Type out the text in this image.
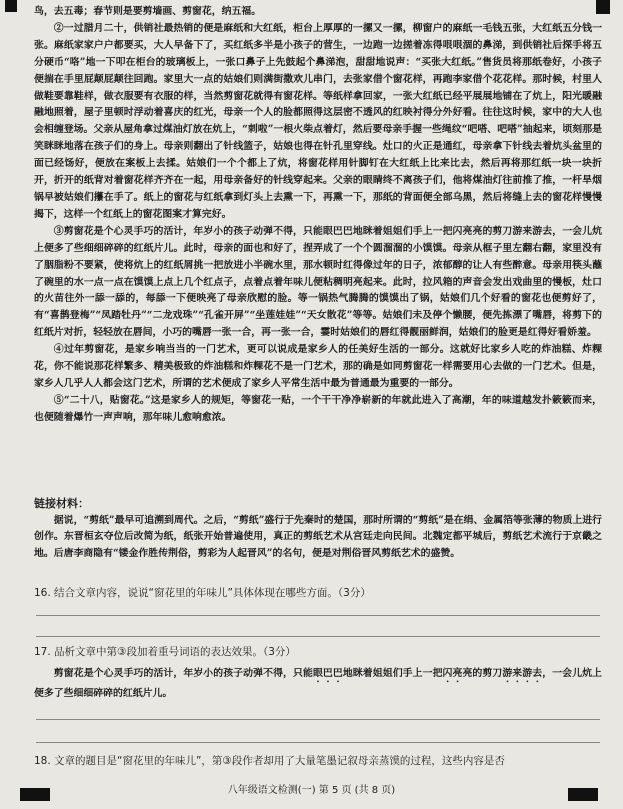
鸟，去五毒；春节则是要剪墙画、剪窗花，纳五福。

②一过腊月二十，供销社最热销的便是麻纸和大红纸，柜台上厚厚的一摞又一摞，柳窗户的麻纸一毛钱五张，大红纸五分钱一张。麻纸家家户户都要买，大人早备下了，买红纸多半是小孩子的营生，一边跑一边搓着冻得哏哏涸的鼻涕，到供销社后探手将五分硬币“咯”地一下叩在柜台的玻璃板上，一张口鼻子上先鼓起个鼻涕泡，甜甜地说声：“买张大红纸。”售货员将那纸卷好，小孩子便揣在手里屁颠屁颠往回跑。家里大一点的姑娘们则满街撒欢儿串门，去张家借个窗花样，再跑李家借个花花样。那时候，村里人做鞋要靠鞋样，做衣服要有衣服的样，当然剪窗花就得有窗花样。等纸样拿回家，一张大红纸已经平展展地铺在了炕上，阳光暖融融地照着，屋子里顿时浮动着喜庆的红光，母亲一个人的脸都照得这层密不透风的红映衬得分外好看。往往这时候，家中的大人也会相缠登场。父亲从屋角拿过煤油灯放在炕上，“刺啦”一根火柴点着灯，然后要母亲手握一些绳纹“吧嗒、吧嗒”抽起来，顷刻那是笑眯眯地落在孩子们的身上。母亲则翻出了针线篮子，姑娘也得在针孔里穿线。灶口的火正是通红，母亲拿下针线去着炕头盆里的面已经饧好，便放在案板上去揉。姑娘们一个个都上了炕，将窗花样用针脚钉在大红纸上比来比去，然后再将那红纸一块一块折开，折开的纸背对着窗花样齐齐在一起，用母亲备好的针线穿起来。父亲的眼睛终不离孩子们，他将煤油灯往前推了推，一杆旱烟锅早被姑娘们攥在手了。纸上的窗花与红纸拿到灯头上去熏一下，再熏一下，那纸的背面便全部乌黑，然后将缝上去的窗花样慢慢揭下，这样一个红纸上的窗花图案才算完好。

③剪窗花是个心灵手巧的活计，年岁小的孩子动弹不得，只能眼巴巴地眯着姐姐们手上一把闪亮亮的剪刀游来游去，一会儿炕上便多了些细细碎碎的红纸片儿。此时，母亲的面也和好了，捏弄成了一个个圆溜溜的小馍馍。母亲从框子里左翻右翻，家里没有了胭脂粉不要紧，使将炕上的红纸屑挑一把放进小半碗水里，那水顿时红得像过年的日子，浓郁醇的让人有些醉意。母亲用筷头蘸了碗里的水一点一点在馍馍上点上几个红点子，点着点着年味儿便粘稠明亮起来。此时，拉风箱的声音会发出戏曲里的慢板，灶口的火苗往外一舔一舔的，每舔一下便映亮了母亲欣慰的脸。等一锅热气腾腾的馍馍出了锅，姑娘们几个好看的窗花也便剪好了，有“喜鹊登梅”“凤踏牡丹”“二龙戏珠”“孔雀开屏”“坐莲娃娃”“天女散花”等等。姑娘们未及停个懒腰，便先拣漂了嘴唇，将剪下的红纸片对折，轻轻放在唇间，小巧的嘴唇一张一合，再一张一合，霎时姑娘们的唇红得靓丽鲜润，姑娘们的脸更是红得好看娇羞。

④过年剪窗花，是家乡响当当的一门艺术，更可以说成是家乡人的任美好生活的一部分。这就好比家乡人吃的炸油糕、炸粿花，你不能说那花样繁多、精美极致的炸油糕和炸粿花不是一门艺术，那的确是如同剪窗花一样需要用心去做的一门艺术。但是，家乡人几乎人人都会这门艺术，所谓的艺术便成了家乡人平常生活中最为普通最为重要的一部分。

⑤“二十八，贴窗花。”这是家乡人的规矩，等窗花一贴，一个干干净净崭新的年就此进入了高潮，年的味道越发扑簌簌而来，也便随着爆竹一声声响，那年味儿愈响愈浓。

链接材料：

据说，“剪纸”最早可追溯到周代。之后，“剪纸”盛行于先秦时的楚国，那时所谓的“剪纸”是在绢、金属箔等张薄的物质上进行创作。东晋桓玄夺位后改简为纸，纸张开始普遍使用，真正的剪纸艺术从宫廷走向民间。北魏定都平城后，剪纸艺术流行于京畿之地。后唐李商隐有“镂金作胜传荆俗，剪彩为人起晋风”的名句，便是对荆俗晋风剪纸艺术的盛赞。

16. 结合文章内容，说说“窗花里的年味儿”具体体现在哪些方面。（3分）
17. 品析文章中第③段加着重号词语的表达效果。（3分）

剪窗花是个心灵手巧的活计，年岁小的孩子动弹不得，只能眼巴巴地眯着姐姐们手上一把闪亮亮的剪刀游来游去，一会儿炕上便多了些细细碎碎的红纸片儿。

18. 文章的题目是“窗花里的年味儿”，第③段作者却用了大量笔墨记叙母亲蒸馍的过程，这些内容是否
八年级语文检测(一) 第 5 页 (共 8 页)
